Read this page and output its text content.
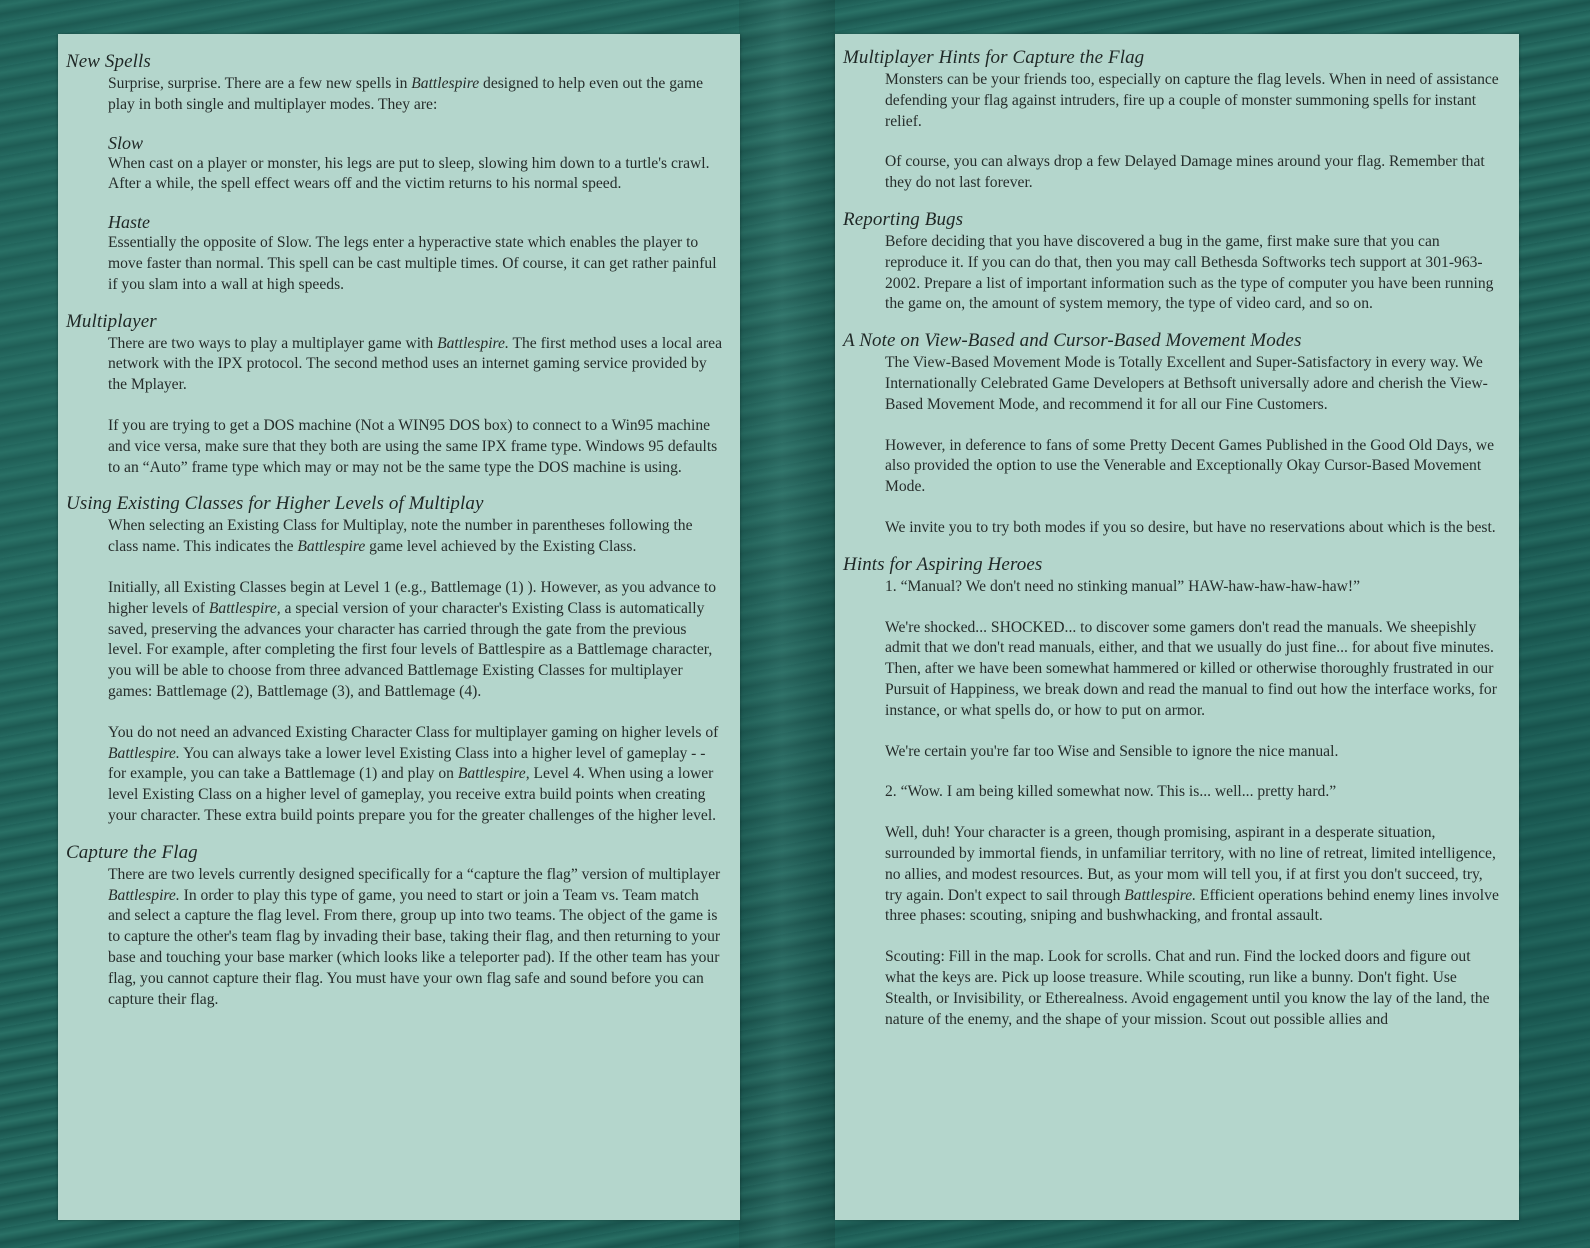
New Spells

Surprise, surprise. There are a few new spells in Battlespire designed to help even out the game play in both single and multiplayer modes. They are:

Slow

When cast on a player or monster, his legs are put to sleep, slowing him down to a turtle's crawl. After a while, the spell effect wears off and the victim returns to his normal speed.

Haste

Essentially the opposite of Slow. The legs enter a hyperactive state which enables the player to move faster than normal. This spell can be cast multiple times. Of course, it can get rather painful if you slam into a wall at high speeds.

Multiplayer

There are two ways to play a multiplayer game with Battlespire. The first method uses a local area network with the IPX protocol. The second method uses an internet gaming service provided by the Mplayer.

If you are trying to get a DOS machine (Not a WIN95 DOS box) to connect to a Win95 machine and vice versa, make sure that they both are using the same IPX frame type. Windows 95 defaults to an “Auto” frame type which may or may not be the same type the DOS machine is using.

Using Existing Classes for Higher Levels of Multiplay

When selecting an Existing Class for Multiplay, note the number in parentheses following the class name. This indicates the Battlespire game level achieved by the Existing Class.

Initially, all Existing Classes begin at Level 1 (e.g., Battlemage (1) ). However, as you advance to higher levels of Battlespire, a special version of your character's Existing Class is automatically saved, preserving the advances your character has carried through the gate from the previous level. For example, after completing the first four levels of Battlespire as a Battlemage character, you will be able to choose from three advanced Battlemage Existing Classes for multiplayer games: Battlemage (2), Battlemage (3), and Battlemage (4).

You do not need an advanced Existing Character Class for multiplayer gaming on higher levels of Battlespire. You can always take a lower level Existing Class into a higher level of gameplay - - for example, you can take a Battlemage (1) and play on Battlespire, Level 4. When using a lower level Existing Class on a higher level of gameplay, you receive extra build points when creating your character. These extra build points prepare you for the greater challenges of the higher level.

Capture the Flag

There are two levels currently designed specifically for a “capture the flag” version of multiplayer Battlespire. In order to play this type of game, you need to start or join a Team vs. Team match and select a capture the flag level. From there, group up into two teams. The object of the game is to capture the other's team flag by invading their base, taking their flag, and then returning to your base and touching your base marker (which looks like a teleporter pad). If the other team has your flag, you cannot capture their flag. You must have your own flag safe and sound before you can capture their flag.

Multiplayer Hints for Capture the Flag

Monsters can be your friends too, especially on capture the flag levels. When in need of assistance defending your flag against intruders, fire up a couple of monster summoning spells for instant relief.

Of course, you can always drop a few Delayed Damage mines around your flag. Remember that they do not last forever.

Reporting Bugs

Before deciding that you have discovered a bug in the game, first make sure that you can reproduce it. If you can do that, then you may call Bethesda Softworks tech support at 301-963-2002. Prepare a list of important information such as the type of computer you have been running the game on, the amount of system memory, the type of video card, and so on.

A Note on View-Based and Cursor-Based Movement Modes

The View-Based Movement Mode is Totally Excellent and Super-Satisfactory in every way. We Internationally Celebrated Game Developers at Bethsoft universally adore and cherish the View-Based Movement Mode, and recommend it for all our Fine Customers.

However, in deference to fans of some Pretty Decent Games Published in the Good Old Days, we also provided the option to use the Venerable and Exceptionally Okay Cursor-Based Movement Mode.

We invite you to try both modes if you so desire, but have no reservations about which is the best.

Hints for Aspiring Heroes

1. “Manual? We don't need no stinking manual” HAW-haw-haw-haw-haw!”

We're shocked... SHOCKED... to discover some gamers don't read the manuals. We sheepishly admit that we don't read manuals, either, and that we usually do just fine... for about five minutes. Then, after we have been somewhat hammered or killed or otherwise thoroughly frustrated in our Pursuit of Happiness, we break down and read the manual to find out how the interface works, for instance, or what spells do, or how to put on armor.

We're certain you're far too Wise and Sensible to ignore the nice manual.

2. “Wow. I am being killed somewhat now. This is... well... pretty hard.”

Well, duh! Your character is a green, though promising, aspirant in a desperate situation, surrounded by immortal fiends, in unfamiliar territory, with no line of retreat, limited intelligence, no allies, and modest resources. But, as your mom will tell you, if at first you don't succeed, try, try again. Don't expect to sail through Battlespire. Efficient operations behind enemy lines involve three phases: scouting, sniping and bushwhacking, and frontal assault.

Scouting: Fill in the map. Look for scrolls. Chat and run. Find the locked doors and figure out what the keys are. Pick up loose treasure. While scouting, run like a bunny. Don't fight. Use Stealth, or Invisibility, or Etherealness. Avoid engagement until you know the lay of the land, the nature of the enemy, and the shape of your mission. Scout out possible allies and
